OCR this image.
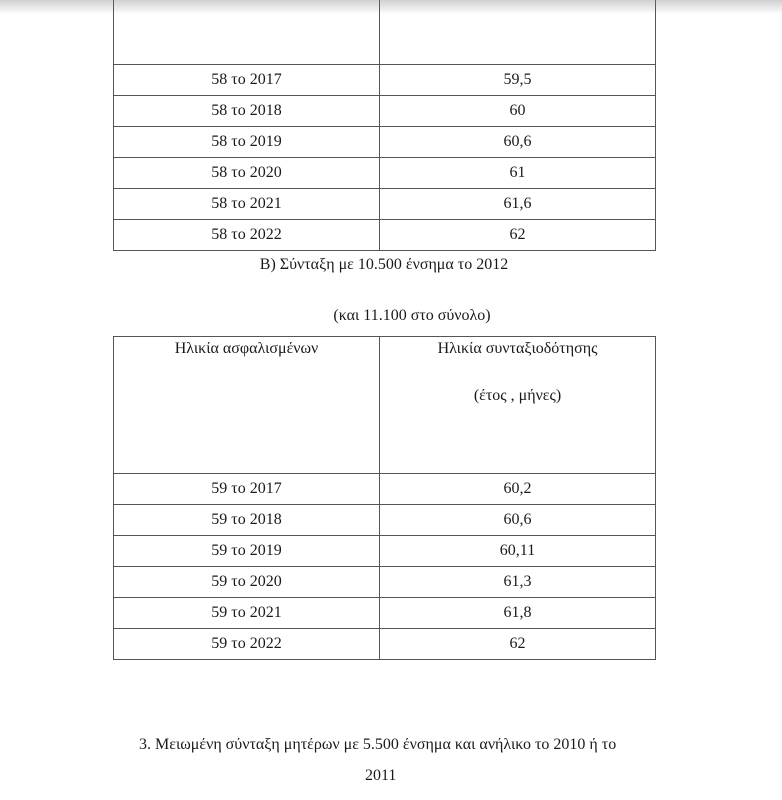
58 το 2017	59,5
58 το 2018	60
58 το 2019	60,6
58 το 2020	61
58 το 2021	61,6
58 το 2022	62
Β) Σύνταξη με 10.500 ένσημα το 2012
(και 11.100 στο σύνολο)
Ηλικία ασφαλισμένων	Ηλικία συνταξιοδότησης
(έτος , μήνες)
59 το 2017	60,2
59 το 2018	60,6
59 το 2019	60,11
59 το 2020	61,3
59 το 2021	61,8
59 το 2022	62
3. Μειωμένη σύνταξη μητέρων με 5.500 ένσημα και ανήλικο το 2010 ή το
2011
